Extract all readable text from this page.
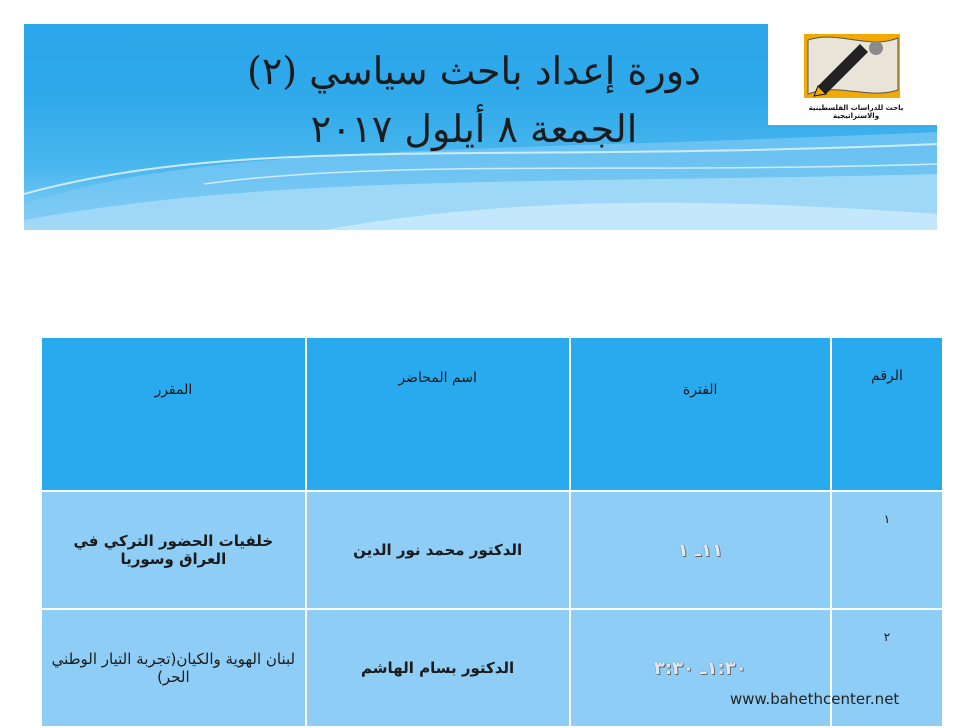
دورة إعداد باحث سياسي (٢)
الجمعة ٨ أيلول ٢٠١٧	باحث للدراسات الفلسطينية والاستراتيجية
الرقم	الفترة	اسم المحاضر	المقرر
١	١١ـ ١	الدكتور محمد نور الدين	خلفيات الحضور التركي في العراق وسوريا
٢	١:٣٠ـ ٣:٣٠	الدكتور بسام الهاشم	لبنان الهوية والكيان(تجربة التيار الوطني الحر)
www.bahethcenter.net
